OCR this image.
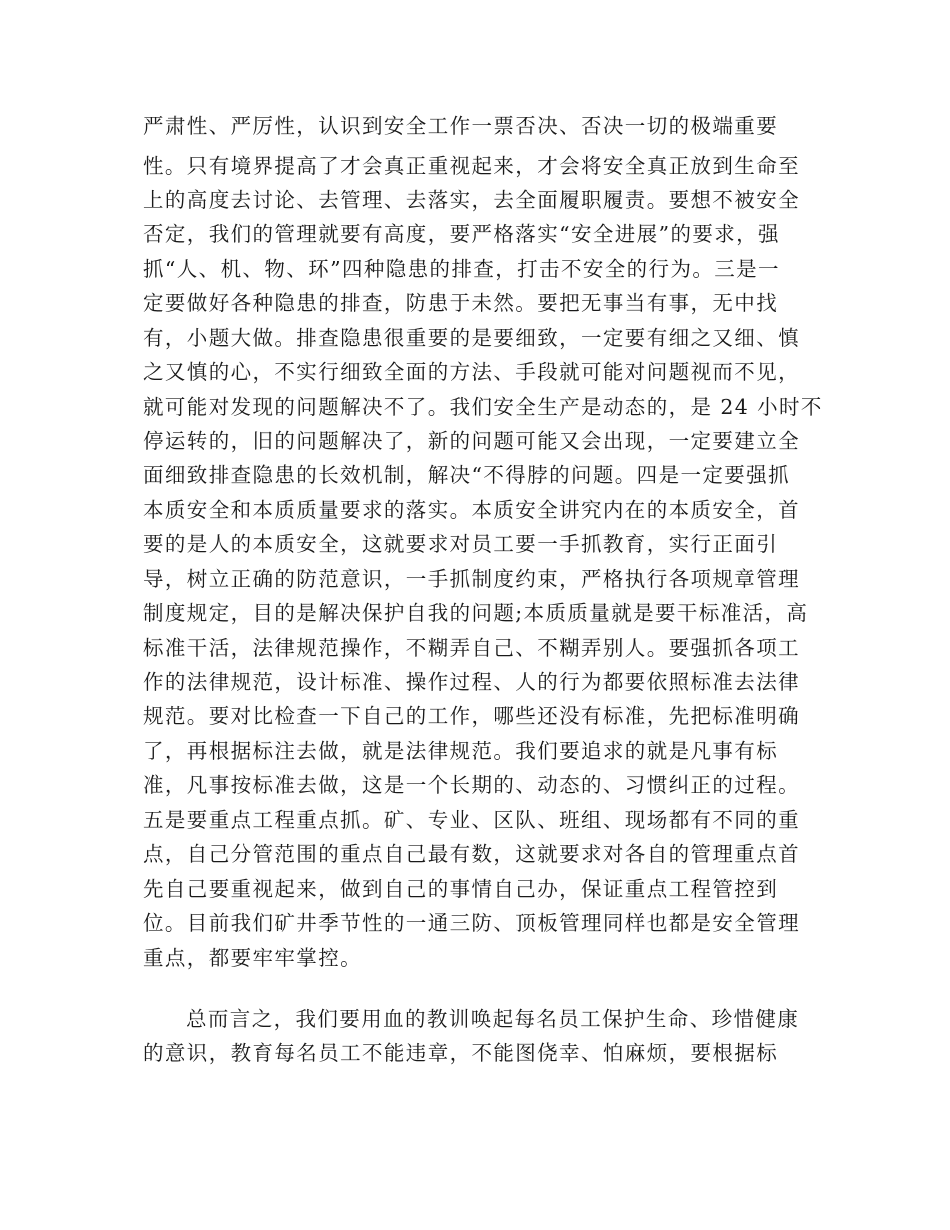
严肃性、严厉性，认识到安全工作一票否决、否决一切的极端重要
性。只有境界提高了才会真正重视起来，才会将安全真正放到生命至
上的高度去讨论、去管理、去落实，去全面履职履责。要想不被安全
否定，我们的管理就要有高度，要严格落实“安全进展”的要求，强
抓“人、机、物、环”四种隐患的排查，打击不安全的行为。三是一
定要做好各种隐患的排查，防患于未然。要把无事当有事，无中找
有，小题大做。排查隐患很重要的是要细致，一定要有细之又细、慎
之又慎的心，不实行细致全面的方法、手段就可能对问题视而不见，
就可能对发现的问题解决不了。我们安全生产是动态的，是 24 小时不
停运转的，旧的问题解决了，新的问题可能又会出现，一定要建立全
面细致排查隐患的长效机制，解决“不得脖的问题。四是一定要强抓
本质安全和本质质量要求的落实。本质安全讲究内在的本质安全，首
要的是人的本质安全，这就要求对员工要一手抓教育，实行正面引
导，树立正确的防范意识，一手抓制度约束，严格执行各项规章管理
制度规定，目的是解决保护自我的问题;本质质量就是要干标准活，高
标准干活，法律规范操作，不糊弄自己、不糊弄别人。要强抓各项工
作的法律规范，设计标准、操作过程、人的行为都要依照标准去法律
规范。要对比检查一下自己的工作，哪些还没有标准，先把标准明确
了，再根据标注去做，就是法律规范。我们要追求的就是凡事有标
准，凡事按标准去做，这是一个长期的、动态的、习惯纠正的过程。
五是要重点工程重点抓。矿、专业、区队、班组、现场都有不同的重
点，自己分管范围的重点自己最有数，这就要求对各自的管理重点首
先自己要重视起来，做到自己的事情自己办，保证重点工程管控到
位。目前我们矿井季节性的一通三防、顶板管理同样也都是安全管理
重点，都要牢牢掌控。
总而言之，我们要用血的教训唤起每名员工保护生命、珍惜健康
的意识，教育每名员工不能违章，不能图侥幸、怕麻烦，要根据标
